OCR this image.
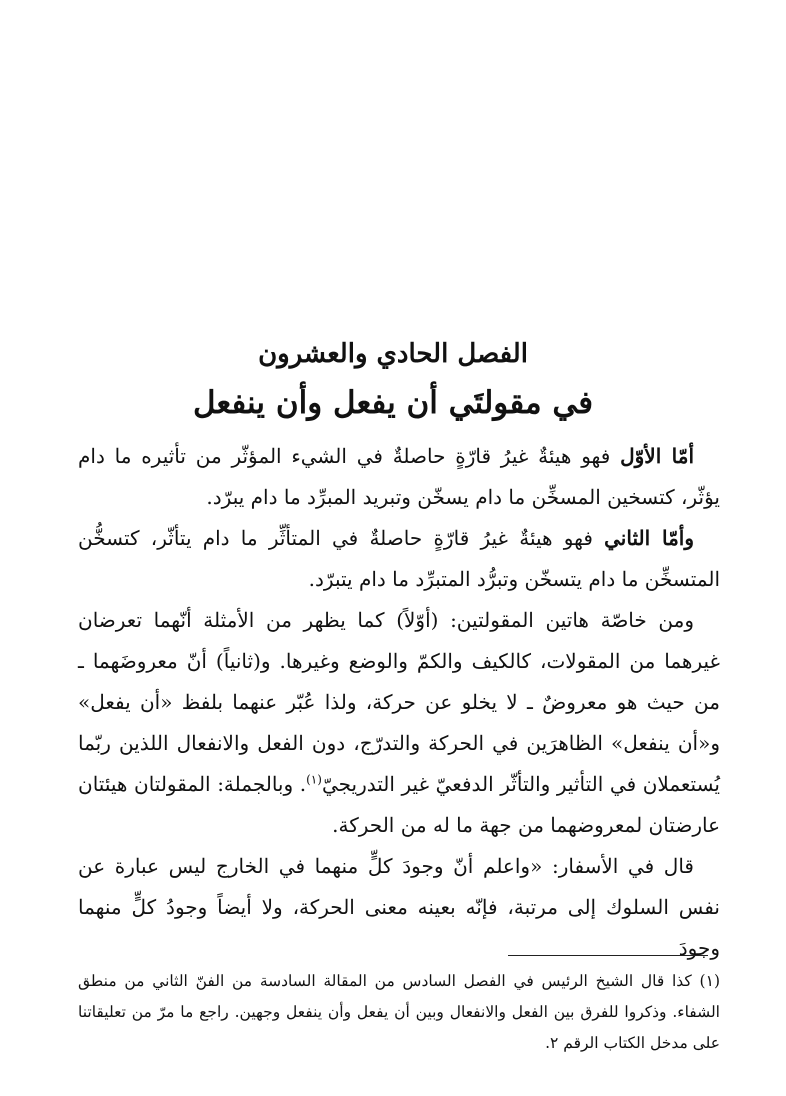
الفصل الحادي والعشرون
في مقولتَي أن يفعل وأن ينفعل

أمّا الأوّل فهو هيئةٌ غيرُ قارّةٍ حاصلةٌ في الشيء المؤثّر من تأثيره ما دام يؤثّر، كتسخين المسخِّن ما دام يسخّن وتبريد المبرِّد ما دام يبرّد.

وأمّا الثاني فهو هيئةٌ غيرُ قارّةٍ حاصلةٌ في المتأثِّر ما دام يتأثّر، كتسخُّن المتسخِّن ما دام يتسخّن وتبرُّد المتبرِّد ما دام يتبرّد.

ومن خاصّة هاتين المقولتين: (أوّلاً) كما يظهر من الأمثلة أنّهما تعرضان غيرهما من المقولات، كالكيف والكمّ والوضع وغيرها. و(ثانياً) أنّ معروضَهما ـ من حيث هو معروضٌ ـ لا يخلو عن حركة، ولذا عُبّر عنهما بلفظ «أن يفعل» و«أن ينفعل» الظاهرَين في الحركة والتدرّج، دون الفعل والانفعال اللذين ربّما يُستعملان في التأثير والتأثّر الدفعيّ غير التدريجيّ$^{(١)}$. وبالجملة: المقولتان هيئتان عارضتان لمعروضهما من جهة ما له من الحركة.

قال في الأسفار: «واعلم أنّ وجودَ كلٍّ منهما في الخارج ليس عبارة عن نفس السلوك إلى مرتبة، فإنّه بعينه معنى الحركة، ولا أيضاً وجودُ كلٍّ منهما وجودَ

(١) كذا قال الشيخ الرئيس في الفصل السادس من المقالة السادسة من الفنّ الثاني من منطق الشفاء. وذكروا للفرق بين الفعل والانفعال وبين أن يفعل وأن ينفعل وجهين. راجع ما مرّ من تعليقاتنا على مدخل الكتاب الرقم ٢.
